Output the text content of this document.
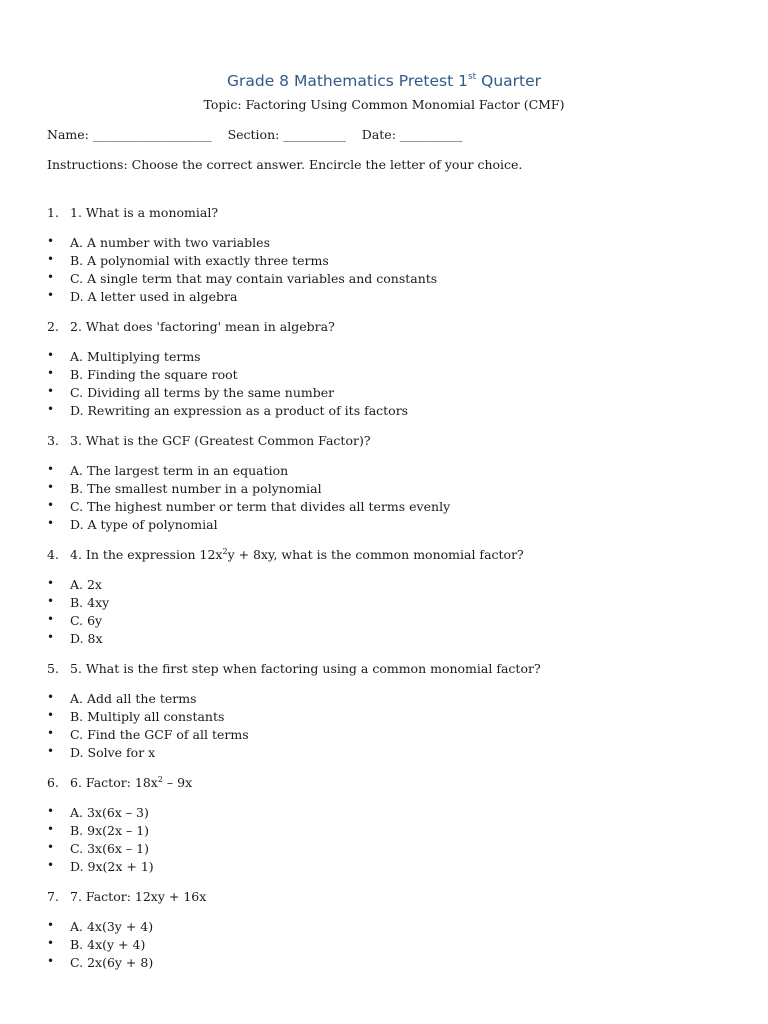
Grade 8 Mathematics Pretest 1st Quarter

Topic: Factoring Using Common Monomial Factor (CMF)

Name: ___________________ Section: __________ Date: __________

Instructions: Choose the correct answer. Encircle the letter of your choice.

1. 1. What is a monomial?
• A. A number with two variables
• B. A polynomial with exactly three terms
• C. A single term that may contain variables and constants
• D. A letter used in algebra
2. 2. What does 'factoring' mean in algebra?
• A. Multiplying terms
• B. Finding the square root
• C. Dividing all terms by the same number
• D. Rewriting an expression as a product of its factors
3. 3. What is the GCF (Greatest Common Factor)?
• A. The largest term in an equation
• B. The smallest number in a polynomial
• C. The highest number or term that divides all terms evenly
• D. A type of polynomial
4. 4. In the expression $12x^2y + 8xy$, what is the common monomial factor?
• A. 2x
• B. 4xy
• C. 6y
• D. 8x
5. 5. What is the first step when factoring using a common monomial factor?
• A. Add all the terms
• B. Multiply all constants
• C. Find the GCF of all terms
• D. Solve for x
6. 6. Factor: $18x^2 - 9x$
• A. 3x(6x – 3)
• B. 9x(2x – 1)
• C. 3x(6x – 1)
• D. 9x(2x + 1)
7. 7. Factor: 12xy + 16x
• A. 4x(3y + 4)
• B. 4x(y + 4)
• C. 2x(6y + 8)
